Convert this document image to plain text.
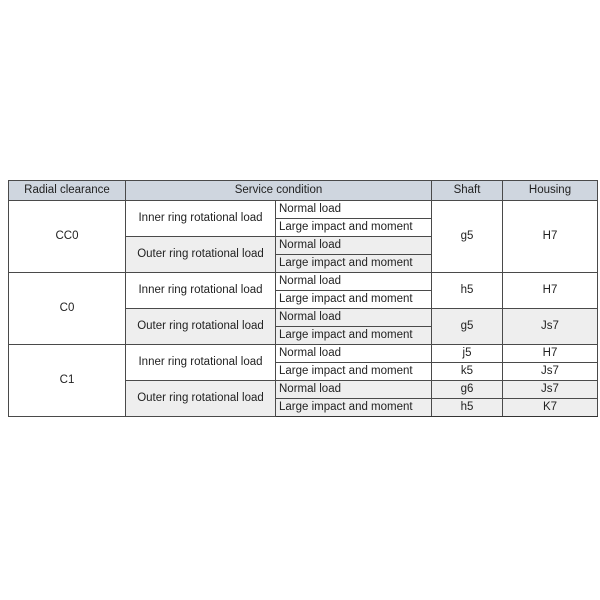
Radial clearance	Service condition		Shaft	Housing
CC0	Inner ring rotational load	Normal load	g5	H7
		Large impact and moment		
	Outer ring rotational load	Normal load		
		Large impact and moment		
C0	Inner ring rotational load	Normal load	h5	H7
		Large impact and moment		
	Outer ring rotational load	Normal load	g5	Js7
		Large impact and moment		
C1	Inner ring rotational load	Normal load	j5	H7
		Large impact and moment	k5	Js7
	Outer ring rotational load	Normal load	g6	Js7
		Large impact and moment	h5	K7
